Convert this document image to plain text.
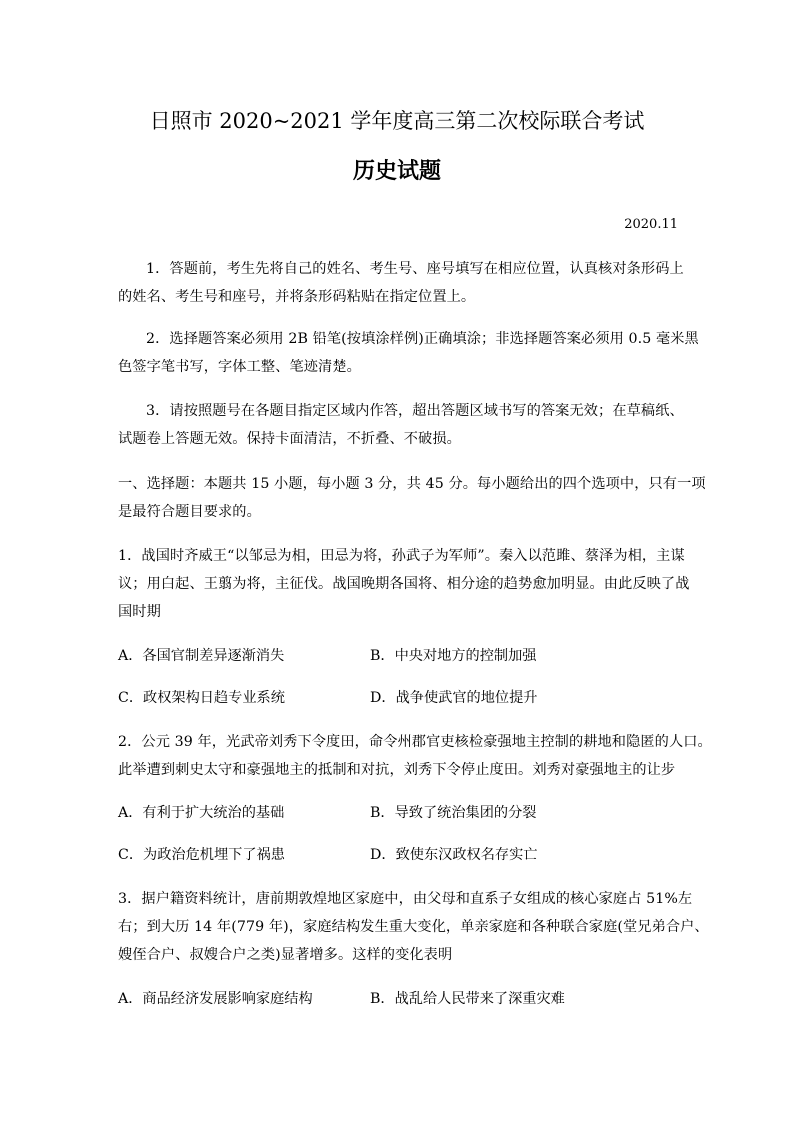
日照市 2020~2021 学年度高三第二次校际联合考试
历史试题
2020.11
1．答题前，考生先将自己的姓名、考生号、座号填写在相应位置，认真核对条形码上
的姓名、考生号和座号，并将条形码粘贴在指定位置上。
2．选择题答案必须用 2B 铅笔(按填涂样例)正确填涂；非选择题答案必须用 0.5 毫米黑
色签字笔书写，字体工整、笔迹清楚。
3．请按照题号在各题目指定区域内作答，超出答题区域书写的答案无效；在草稿纸、
试题卷上答题无效。保持卡面清洁，不折叠、不破损。
一、选择题：本题共 15 小题，每小题 3 分，共 45 分。每小题给出的四个选项中，只有一项
是最符合题目要求的。
1．战国时齐威王“以邹忌为相，田忌为将，孙武子为军师”。秦入以范雎、蔡泽为相，主谋
议；用白起、王翦为将，主征伐。战国晚期各国将、相分途的趋势愈加明显。由此反映了战
国时期
A．各国官制差异逐渐消失	B．中央对地方的控制加强
C．政权架构日趋专业系统	D．战争使武官的地位提升
2．公元 39 年，光武帝刘秀下令度田，命令州郡官吏核检豪强地主控制的耕地和隐匿的人口。
此举遭到刺史太守和豪强地主的抵制和对抗，刘秀下令停止度田。刘秀对豪强地主的让步
A．有利于扩大统治的基础	B．导致了统治集团的分裂
C．为政治危机埋下了祸患	D．致使东汉政权名存实亡
3．据户籍资料统计，唐前期敦煌地区家庭中，由父母和直系子女组成的核心家庭占 51%左
右；到大历 14 年(779 年)，家庭结构发生重大变化，单亲家庭和各种联合家庭(堂兄弟合户、
嫂侄合户、叔嫂合户之类)显著增多。这样的变化表明
A．商品经济发展影响家庭结构	B．战乱给人民带来了深重灾难
